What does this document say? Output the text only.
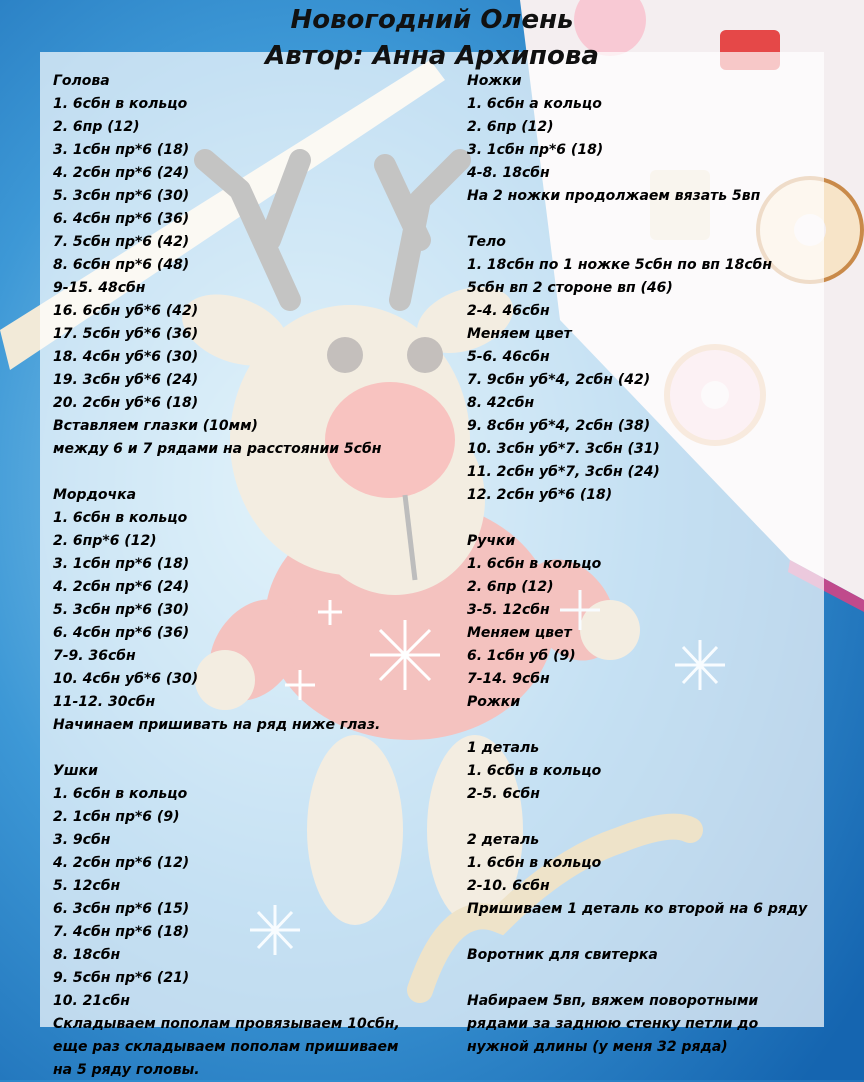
Новогодний Олень
Автор: Анна Архипова
Голова
1. 6сбн в кольцо
2. 6пр (12)
3. 1сбн пр*6 (18)
4. 2сбн пр*6 (24)
5. 3сбн пр*6 (30)
6. 4сбн пр*6 (36)
7. 5сбн пр*6 (42)
8. 6сбн пр*6 (48)
9-15. 48сбн
16. 6сбн уб*6 (42)
17. 5сбн уб*6 (36)
18. 4сбн уб*6 (30)
19. 3сбн уб*6 (24)
20. 2сбн уб*6 (18)
Вставляем глазки (10мм)
между 6 и 7 рядами на расстоянии 5сбн
Мордочка
1. 6сбн в кольцо
2. 6пр*6 (12)
3. 1сбн пр*6 (18)
4. 2сбн пр*6 (24)
5. 3сбн пр*6 (30)
6. 4сбн пр*6 (36)
7-9. 36сбн
10. 4сбн уб*6 (30)
11-12. 30сбн
Начинаем пришивать на ряд ниже глаз.
Ушки
1. 6сбн в кольцо
2. 1сбн пр*6 (9)
3. 9сбн
4. 2сбн пр*6 (12)
5. 12сбн
6. 3сбн пр*6 (15)
7. 4сбн пр*6 (18)
8. 18сбн
9. 5сбн пр*6 (21)
10. 21сбн
Складываем пополам провязываем 10сбн,
еще раз складываем пополам пришиваем
на 5 ряду головы.
Ножки
1. 6сбн а кольцо
2. 6пр (12)
3. 1сбн пр*6 (18)
4-8. 18сбн
На 2 ножки продолжаем вязать 5вп
Тело
1. 18сбн по 1 ножке 5сбн по вп 18сбн
5сбн вп 2 стороне вп (46)
2-4. 46сбн
Меняем цвет
5-6. 46сбн
7. 9сбн уб*4, 2сбн (42)
8. 42сбн
9. 8сбн уб*4, 2сбн (38)
10. 3сбн уб*7. 3сбн (31)
11. 2сбн уб*7, 3сбн (24)
12. 2сбн уб*6 (18)
Ручки
1. 6сбн в кольцо
2. 6пр (12)
3-5. 12сбн
Меняем цвет
6. 1сбн уб (9)
7-14. 9сбн
Рожки
1 деталь
1. 6сбн в кольцо
2-5. 6сбн
2 деталь
1. 6сбн в кольцо
2-10. 6сбн
Пришиваем 1 деталь ко второй на 6 ряду
Воротник для свитерка
Набираем 5вп, вяжем поворотными
рядами за заднюю стенку петли до
нужной длины (у меня 32 ряда)
